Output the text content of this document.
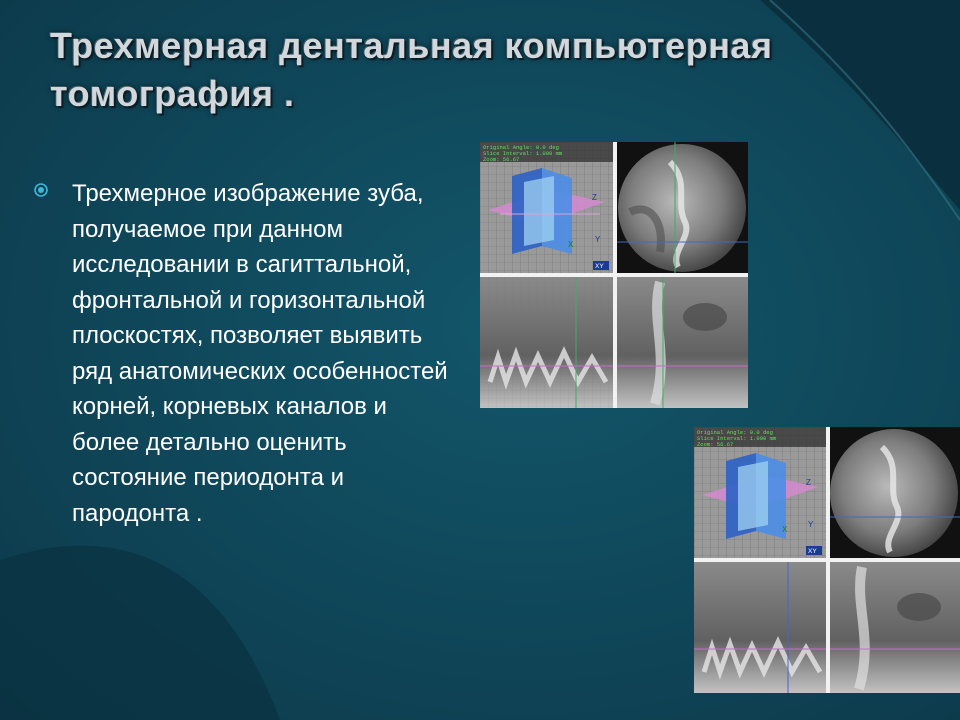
Трехмерная дентальная компьютерная
томография .
Трехмерное изображение зуба, получаемое при данном исследовании в сагиттальной, фронтальной и горизонтальной плоскостях, позволяет выявить ряд анатомических особенностей корней, корневых каналов и более детально оценить состояние периодонта и пародонта .
Original Angle: 0.0 deg
Slice Interval: 1.000 mm
Zoom: 56.67
Z
X
Y
XY
Original Angle: 0.0 deg
Slice Interval: 1.000 mm
Zoom: 56.67
Z
X
Y
XY
